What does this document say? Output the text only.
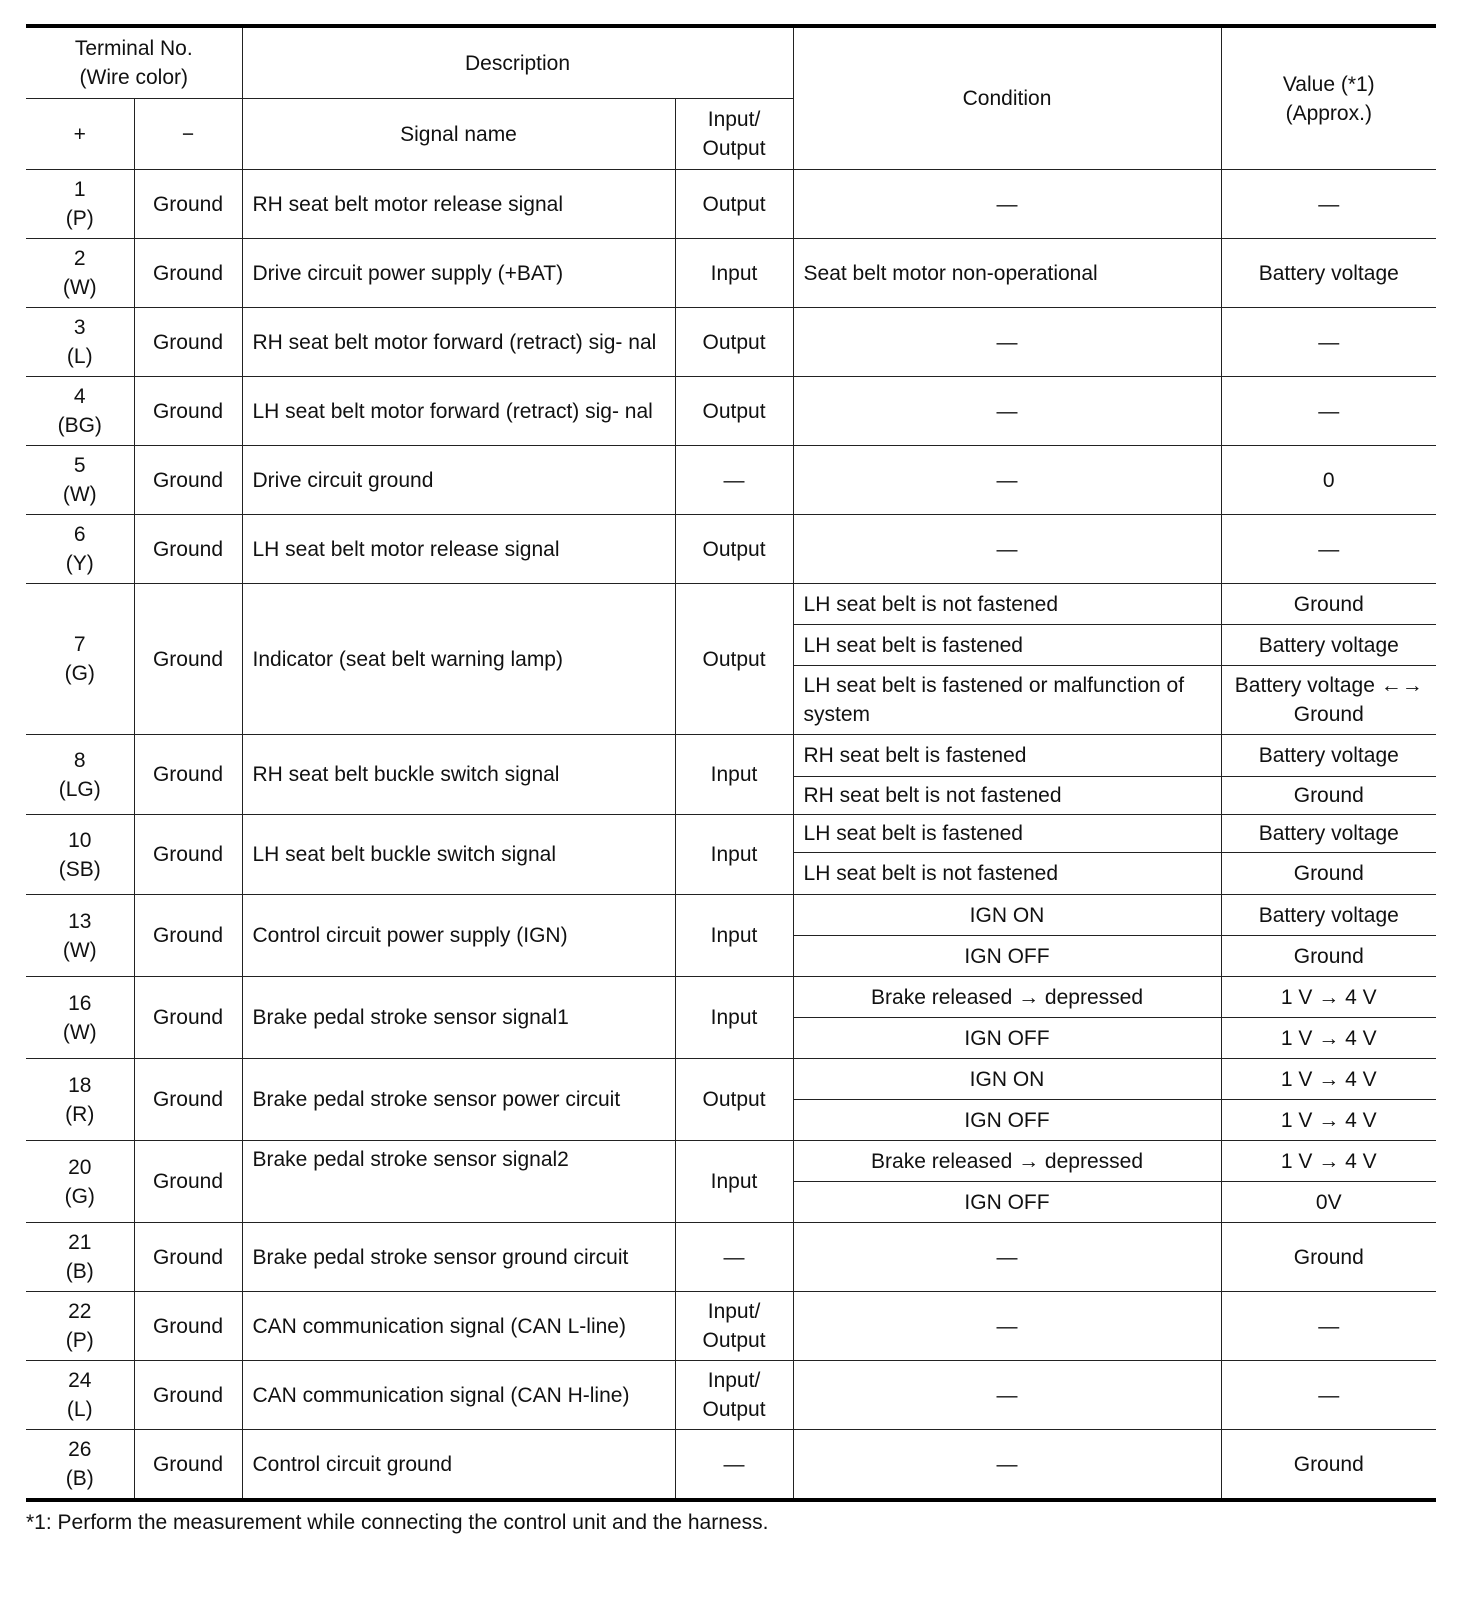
Terminal No.
(Wire color)		Description		Condition	Value (*1)
(Approx.)

+	−	Signal name	Input/
Output		

1
(P)	Ground	RH seat belt motor release signal	Output	—	—

2
(W)	Ground	Drive circuit power supply (+BAT)	Input	Seat belt motor non-operational	Battery voltage

3
(L)	Ground	RH seat belt motor forward (retract) sig- nal	Output	—	—

4
(BG)	Ground	LH seat belt motor forward (retract) sig- nal	Output	—	—

5
(W)	Ground	Drive circuit ground	—	—	0

6
(Y)	Ground	LH seat belt motor release signal	Output	—	—

7
(G)	Ground	Indicator (seat belt warning lamp)	Output	LH seat belt is not fastened	Ground
				LH seat belt is fastened	Battery voltage
				LH seat belt is fastened or malfunction of system	Battery voltage ←→ Ground

8
(LG)	Ground	RH seat belt buckle switch signal	Input	RH seat belt is fastened	Battery voltage
				RH seat belt is not fastened	Ground

10
(SB)	Ground	LH seat belt buckle switch signal	Input	LH seat belt is fastened	Battery voltage
				LH seat belt is not fastened	Ground

13
(W)	Ground	Control circuit power supply (IGN)	Input	IGN ON	Battery voltage
				IGN OFF	Ground

16
(W)	Ground	Brake pedal stroke sensor signal1	Input	Brake released → depressed	1 V → 4 V
				IGN OFF	1 V → 4 V

18
(R)	Ground	Brake pedal stroke sensor power circuit	Output	IGN ON	1 V → 4 V
				IGN OFF	1 V → 4 V

20
(G)	Ground	Brake pedal stroke sensor signal2	Input	Brake released → depressed	1 V → 4 V
				IGN OFF	0V

21
(B)	Ground	Brake pedal stroke sensor ground circuit	—	—	Ground

22
(P)	Ground	CAN communication signal (CAN L-line)	Input/ Output	—	—

24
(L)	Ground	CAN communication signal (CAN H-line)	Input/ Output	—	—

26
(B)	Ground	Control circuit ground	—	—	Ground
*1: Perform the measurement while connecting the control unit and the harness.
